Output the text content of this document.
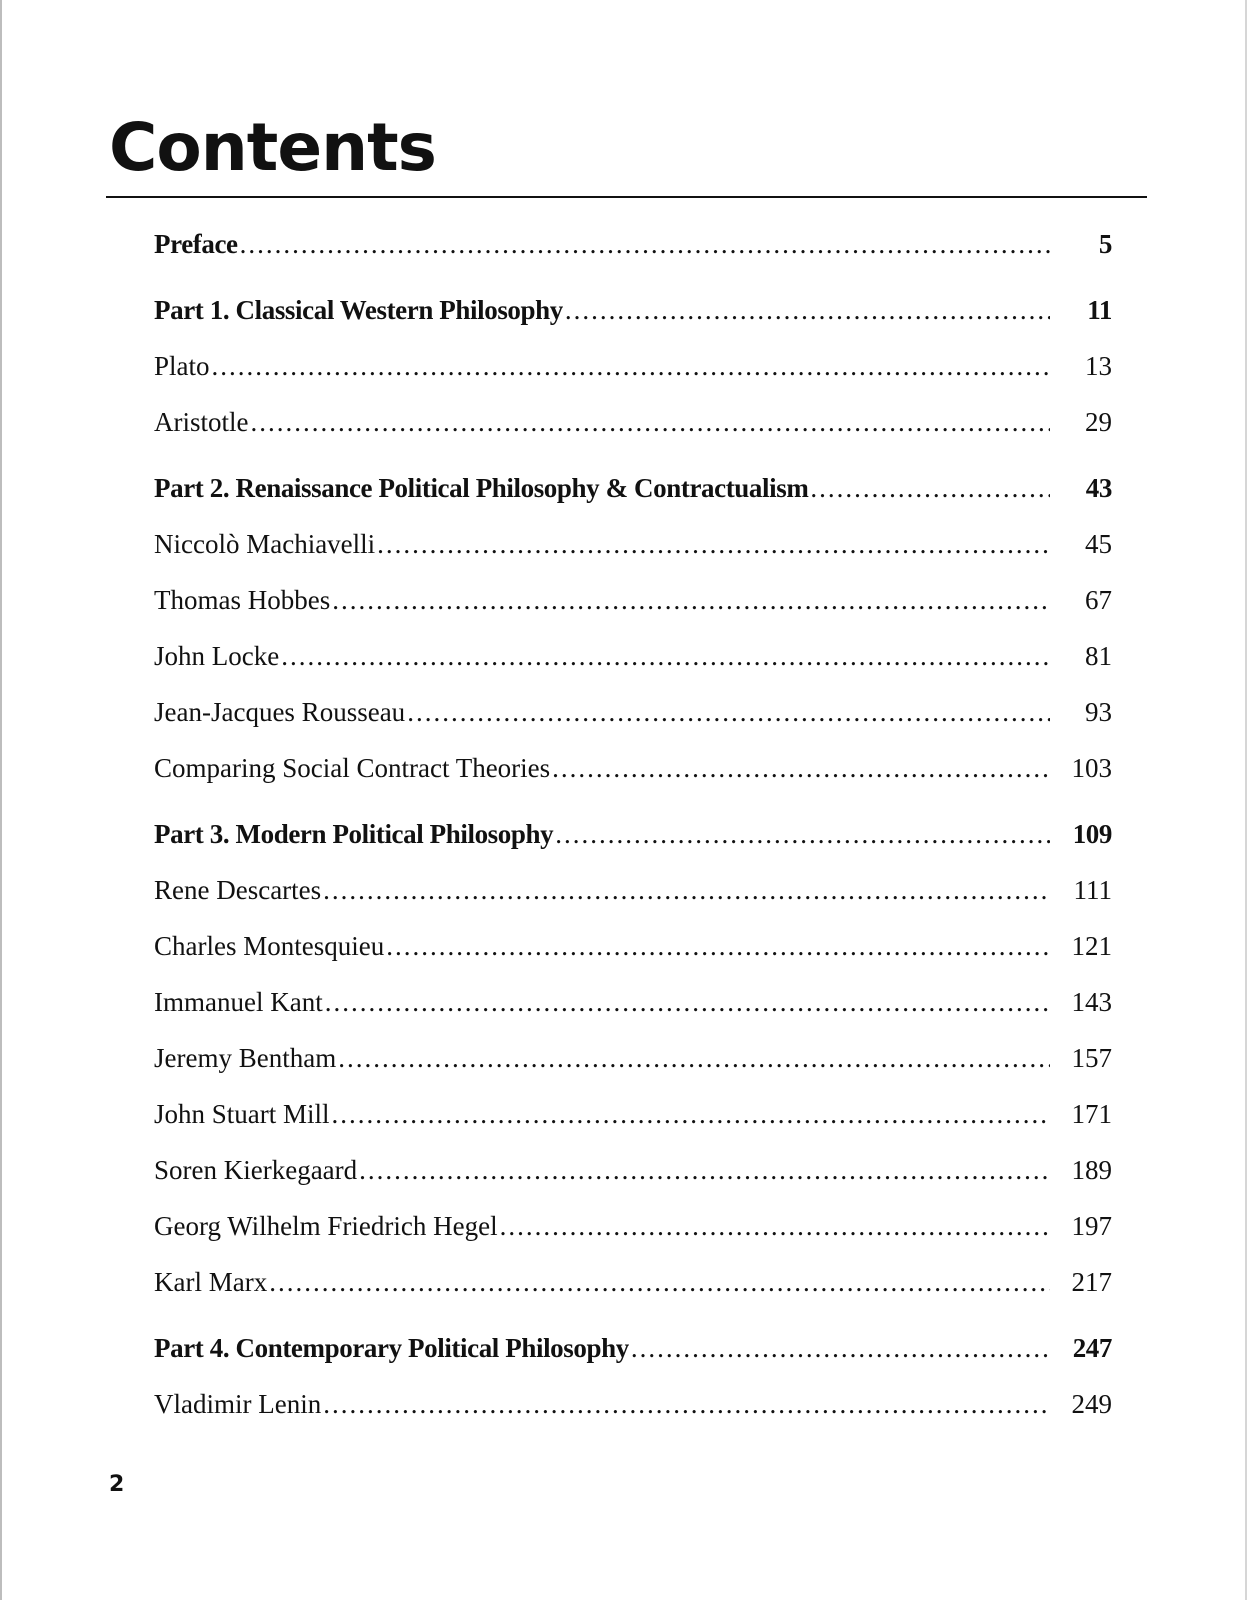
Contents
Preface .....	5
Part 1. Classical Western Philosophy .....	11
Plato .....	13
Aristotle .....	29
Part 2. Renaissance Political Philosophy & Contractualism .....	43
Niccolò Machiavelli .....	45
Thomas Hobbes .....	67
John Locke .....	81
Jean-Jacques Rousseau .....	93
Comparing Social Contract Theories .....	103
Part 3. Modern Political Philosophy .....	109
Rene Descartes .....	111
Charles Montesquieu .....	121
Immanuel Kant .....	143
Jeremy Bentham .....	157
John Stuart Mill .....	171
Soren Kierkegaard .....	189
Georg Wilhelm Friedrich Hegel .....	197
Karl Marx .....	217
Part 4. Contemporary Political Philosophy .....	247
Vladimir Lenin .....	249
2
